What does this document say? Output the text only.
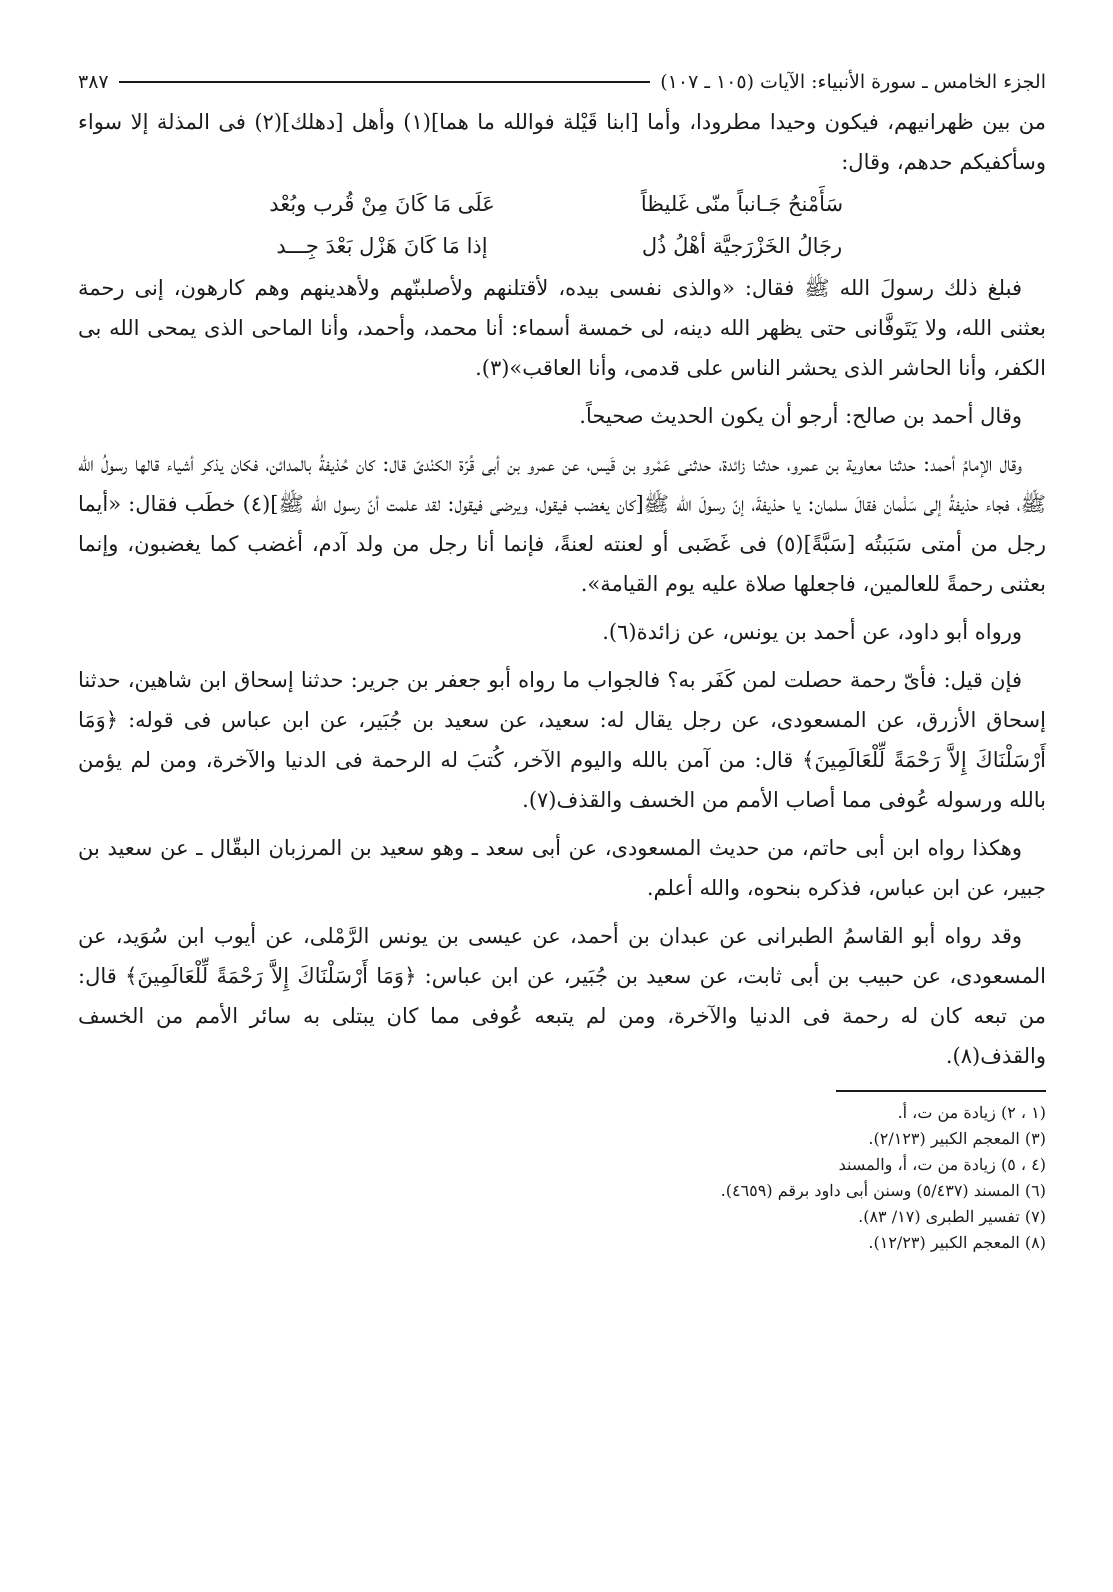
الجزء الخامس ـ سورة الأنبياء: الآيات (١٠٥ ـ ١٠٧)
٣٨٧

من بين ظهرانيهم، فيكون وحيدا مطرودا، وأما [ابنا قَيْلة فوالله ما هما](١) وأهل [دهلك](٢) فى المذلة إلا سواء وسأكفيكم حدهم، وقال:

سَأَمْنحُ جَـانباً منّى غَليظاً
عَلَى مَا كَانَ مِنْ قُرب وبُعْد
رجَالُ الخَزْرَجيَّة أهْلُ ذُل
إذا مَا كَانَ هَزْل بَعْدَ جِـــد

فبلغ ذلك رسولَ الله ﷺ فقال: «والذى نفسى بيده، لأقتلنهم ولأصلبنّهم ولأهدينهم وهم كارهون، إنى رحمة بعثنى الله، ولا يَتَوفَّانى حتى يظهر الله دينه، لى خمسة أسماء: أنا محمد، وأحمد، وأنا الماحى الذى يمحى الله بى الكفر، وأنا الحاشر الذى يحشر الناس على قدمى، وأنا العاقب»(٣).

وقال أحمد بن صالح: أرجو أن يكون الحديث صحيحاً.

وقال الإمامُ أحمد: حدثنا معاوية بن عمرو، حدثنا زائدة، حدثنى عَمْرو بن قَيس، عن عمرو بن أبى قُرّة الكنْدىّ قال: كان حُذيفةُ بالمدائن، فكان يذكر أشياء قالها رسولُ الله ﷺ، فجاء حذيفةُ إلى سَلْمان فقالَ سلمان: يا حذيفةَ، إنّ رسولَ الله ﷺ[كان يغضب فيقول، ويرضى فيقول: لقد علمت أنّ رسول الله ﷺ](٤) خطَب فقال: «أيما رجل من أمتى سَبَبتُه [سَبَّةً](٥) فى غَضَبى أو لعنته لعنةً، فإنما أنا رجل من ولد آدم، أغضب كما يغضبون، وإنما بعثنى رحمةً للعالمين، فاجعلها صلاة عليه يوم القيامة».

ورواه أبو داود، عن أحمد بن يونس، عن زائدة(٦).

فإن قيل: فأىّ رحمة حصلت لمن كَفَر به؟ فالجواب ما رواه أبو جعفر بن جرير: حدثنا إسحاق ابن شاهين، حدثنا إسحاق الأزرق، عن المسعودى، عن رجل يقال له: سعيد، عن سعيد بن جُبَير، عن ابن عباس فى قوله: ﴿وَمَا أَرْسَلْنَاكَ إِلاَّ رَحْمَةً لِّلْعَالَمِينَ﴾ قال: من آمن بالله واليوم الآخر، كُتبَ له الرحمة فى الدنيا والآخرة، ومن لم يؤمن بالله ورسوله عُوفى مما أصاب الأمم من الخسف والقذف(٧).

وهكذا رواه ابن أبى حاتم، من حديث المسعودى، عن أبى سعد ـ وهو سعيد بن المرزبان البقّال ـ عن سعيد بن جبير، عن ابن عباس، فذكره بنحوه، والله أعلم.

وقد رواه أبو القاسمُ الطبرانى عن عبدان بن أحمد، عن عيسى بن يونس الرَّمْلى، عن أيوب ابن سُوَيد، عن المسعودى، عن حبيب بن أبى ثابت، عن سعيد بن جُبَير، عن ابن عباس: ﴿وَمَا أَرْسَلْنَاكَ إِلاَّ رَحْمَةً لِّلْعَالَمِينَ﴾ قال: من تبعه كان له رحمة فى الدنيا والآخرة، ومن لم يتبعه عُوفى مما كان يبتلى به سائر الأمم من الخسف والقذف(٨).

(١ ، ٢) زيادة من ت، أ.

(٣) المعجم الكبير (٢/١٢٣).

(٤ ، ٥) زيادة من ت، أ، والمسند

(٦) المسند (٥/٤٣٧) وسنن أبى داود برقم (٤٦٥٩).

(٧) تفسير الطبرى (١٧/ ٨٣).

(٨) المعجم الكبير (١٢/٢٣).
